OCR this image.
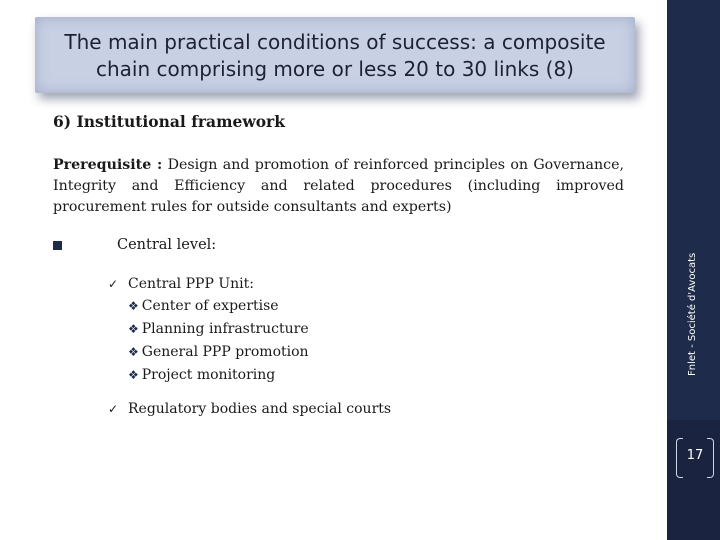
Fnlet - Société d'Avocats
17
The main practical conditions of success: a composite
chain comprising more or less 20 to 30 links (8)
6) Institutional framework
Prerequisite : Design and promotion of reinforced principles on Governance, Integrity and Efficiency and related procedures (including improved procurement rules for outside consultants and experts)
Central level:
✓ Central PPP Unit:
❖ Center of expertise
❖ Planning infrastructure
❖ General PPP promotion
❖ Project monitoring
✓ Regulatory bodies and special courts
